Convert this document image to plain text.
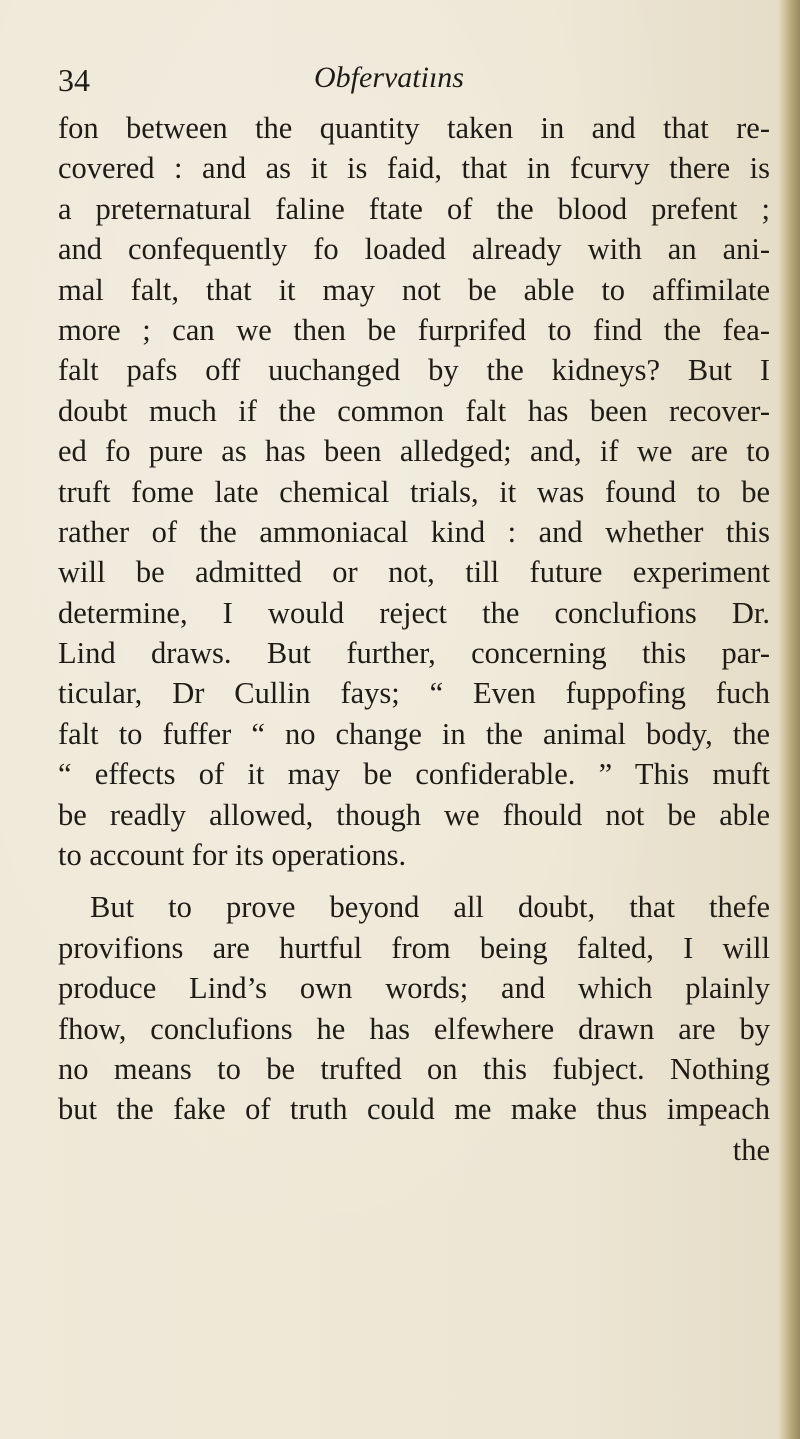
34	Obfervatiıns
fon between the quantity taken in and that re-
covered : and as it is faid, that in fcurvy there is
a preternatural faline ftate of the blood prefent ;
and confequently fo loaded already with an ani-
mal falt, that it may not be able to affimilate
more ; can we then be furprifed to find the fea-
falt pafs off uuchanged by the kidneys? But I
doubt much if the common falt has been recover-
ed fo pure as has been alledged; and, if we are to
truft fome late chemical trials, it was found to be
rather of the ammoniacal kind : and whether this
will be admitted or not, till future experiment
determine, I would reject the conclufions Dr.
Lind draws. But further, concerning this par-
ticular, Dr Cullin fays; “ Even fuppofing fuch
falt to fuffer “ no change in the animal body, the
“ effects of it may be confiderable. ” This muft
be readly allowed, though we fhould not be able
to account for its operations.
But to prove beyond all doubt, that thefe
provifions are hurtful from being falted, I will
produce Lind’s own words; and which plainly
fhow, conclufions he has elfewhere drawn are by
no means to be trufted on this fubject. Nothing
but the fake of truth could me make thus impeach
the
